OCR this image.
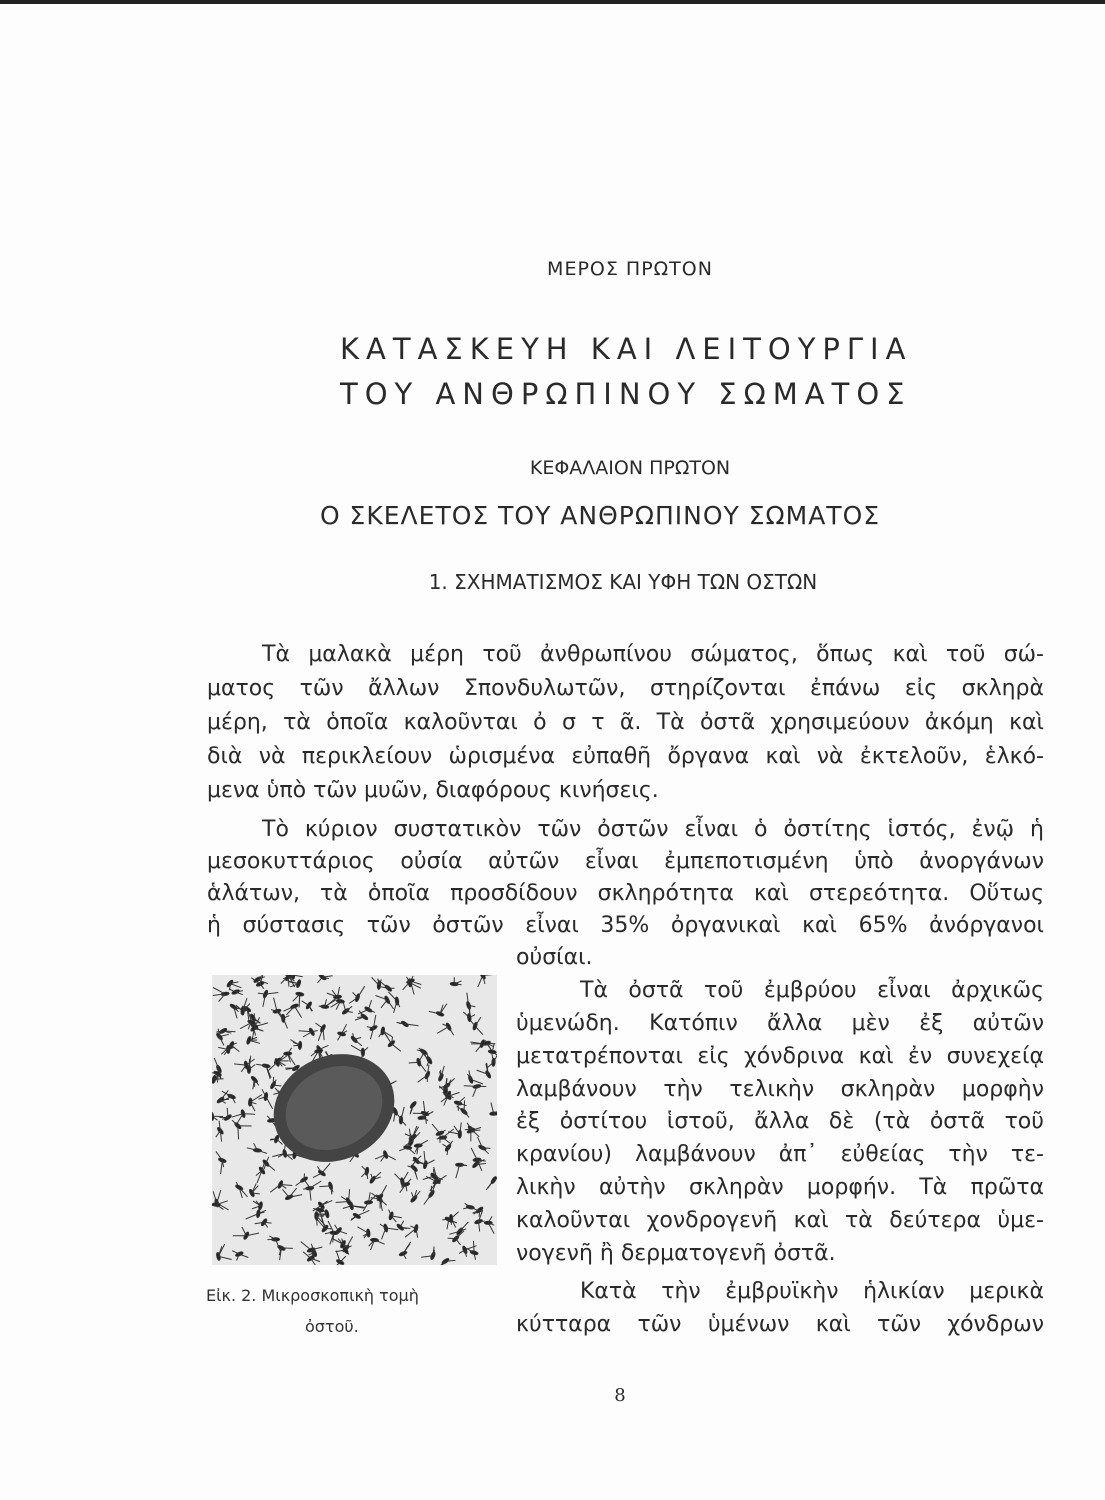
ΜΕΡΟΣ ΠΡΩΤΟΝ
ΚΑΤΑΣΚΕΥΗ ΚΑΙ ΛΕΙΤΟΥΡΓΙΑ
ΤΟΥ ΑΝΘΡΩΠΙΝΟΥ ΣΩΜΑΤΟΣ
ΚΕΦΑΛΑΙΟΝ ΠΡΩΤΟΝ
Ο ΣΚΕΛΕΤΟΣ ΤΟΥ ΑΝΘΡΩΠΙΝΟΥ ΣΩΜΑΤΟΣ
1. ΣΧΗΜΑΤΙΣΜΟΣ ΚΑΙ ΥΦΗ ΤΩΝ ΟΣΤΩΝ
Τὰ μαλακὰ μέρη τοῦ ἀνθρωπίνου σώματος, ὅπως καὶ τοῦ σώ-
ματος τῶν ἄλλων Σπονδυλωτῶν, στηρίζονται ἐπάνω εἰς σκληρὰ
μέρη, τὰ ὁποῖα καλοῦνται ὀ σ τ ᾶ. Τὰ ὀστᾶ χρησιμεύουν ἀκόμη καὶ
διὰ νὰ περικλείουν ὡρισμένα εὐπαθῆ ὄργανα καὶ νὰ ἐκτελοῦν, ἑλκό-
μενα ὑπὸ τῶν μυῶν, διαφόρους κινήσεις.
Τὸ κύριον συστατικὸν τῶν ὀστῶν εἶναι ὁ ὀστίτης ἱστός, ἐνῷ ἡ
μεσοκυττάριος οὐσία αὐτῶν εἶναι ἐμπεποτισμένη ὑπὸ ἀνοργάνων
ἁλάτων, τὰ ὁποῖα προσδίδουν σκληρότητα καὶ στερεότητα. Οὕτως
ἡ σύστασις τῶν ὀστῶν εἶναι 35% ὀργανικαὶ καὶ 65% ἀνόργανοι
οὐσίαι.
Τὰ ὀστᾶ τοῦ ἐμβρύου εἶναι ἀρχικῶς
ὑμενώδη. Κατόπιν ἄλλα μὲν ἐξ αὐτῶν
μετατρέπονται εἰς χόνδρινα καὶ ἐν συνεχείᾳ
λαμβάνουν τὴν τελικὴν σκληρὰν μορφὴν
ἐξ ὀστίτου ἱστοῦ, ἄλλα δὲ (τὰ ὀστᾶ τοῦ
κρανίου) λαμβάνουν ἀπ᾿ εὐθείας τὴν τε-
λικὴν αὐτὴν σκληρὰν μορφήν. Τὰ πρῶτα
καλοῦνται χονδρογενῆ καὶ τὰ δεύτερα ὑμε-
νογενῆ ἢ δερματογενῆ ὀστᾶ.
Κατὰ τὴν ἐμβρυϊκὴν ἡλικίαν μερικὰ
κύτταρα τῶν ὑμένων καὶ τῶν χόνδρων
Εἰκ. 2. Μικροσκοπικὴ τομὴ
ὀστοῦ.
8
